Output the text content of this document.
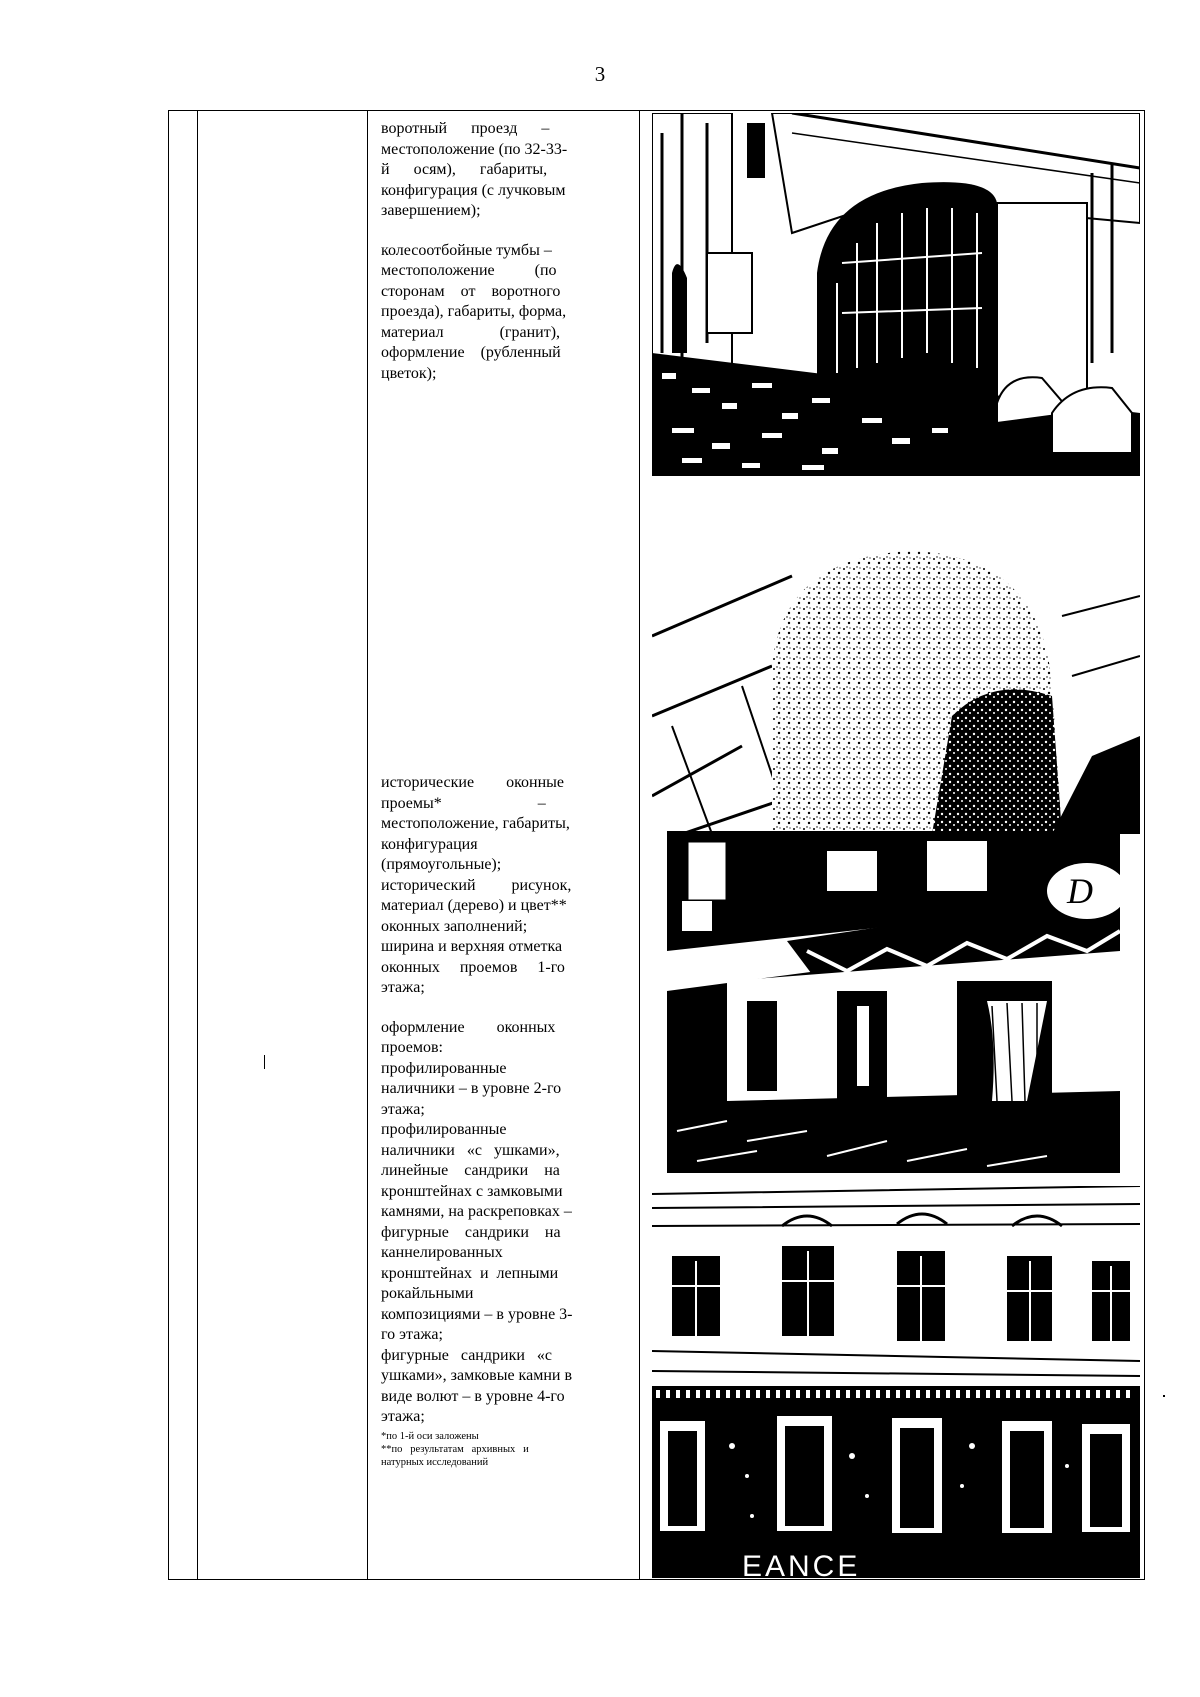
3

воротный      проезд      –
местоположение (по 32-33-
й      осям),      габариты,
конфигурация (с лучковым
завершением);

колесоотбойные тумбы –
местоположение          (по
сторонам    от    воротного
проезда), габариты, форма,
материал              (гранит),
оформление    (рубленный
цветок);

исторические        оконные
проемы*                        –
местоположение, габариты,
конфигурация
(прямоугольные);
исторический         рисунок,
материал (дерево) и цвет**
оконных заполнений;
ширина и верхняя отметка
оконных     проемов     1-го
этажа;

оформление        оконных
проемов:
профилированные
наличники – в уровне 2-го
этажа;
профилированные
наличники   «с   ушками»,
линейные    сандрики    на
кронштейнах с замковыми
камнями, на раскреповках –
фигурные    сандрики    на
каннелированных
кронштейнах  и  лепными
рокайльными
композициями – в уровне 3-
го этажа;
фигурные   сандрики   «с
ушками», замковые камни в
виде волют – в уровне 4-го
этажа;

*по 1-й оси заложены

**по   результатам   архивных   и
натурных исследований

D
ЕАNCE
